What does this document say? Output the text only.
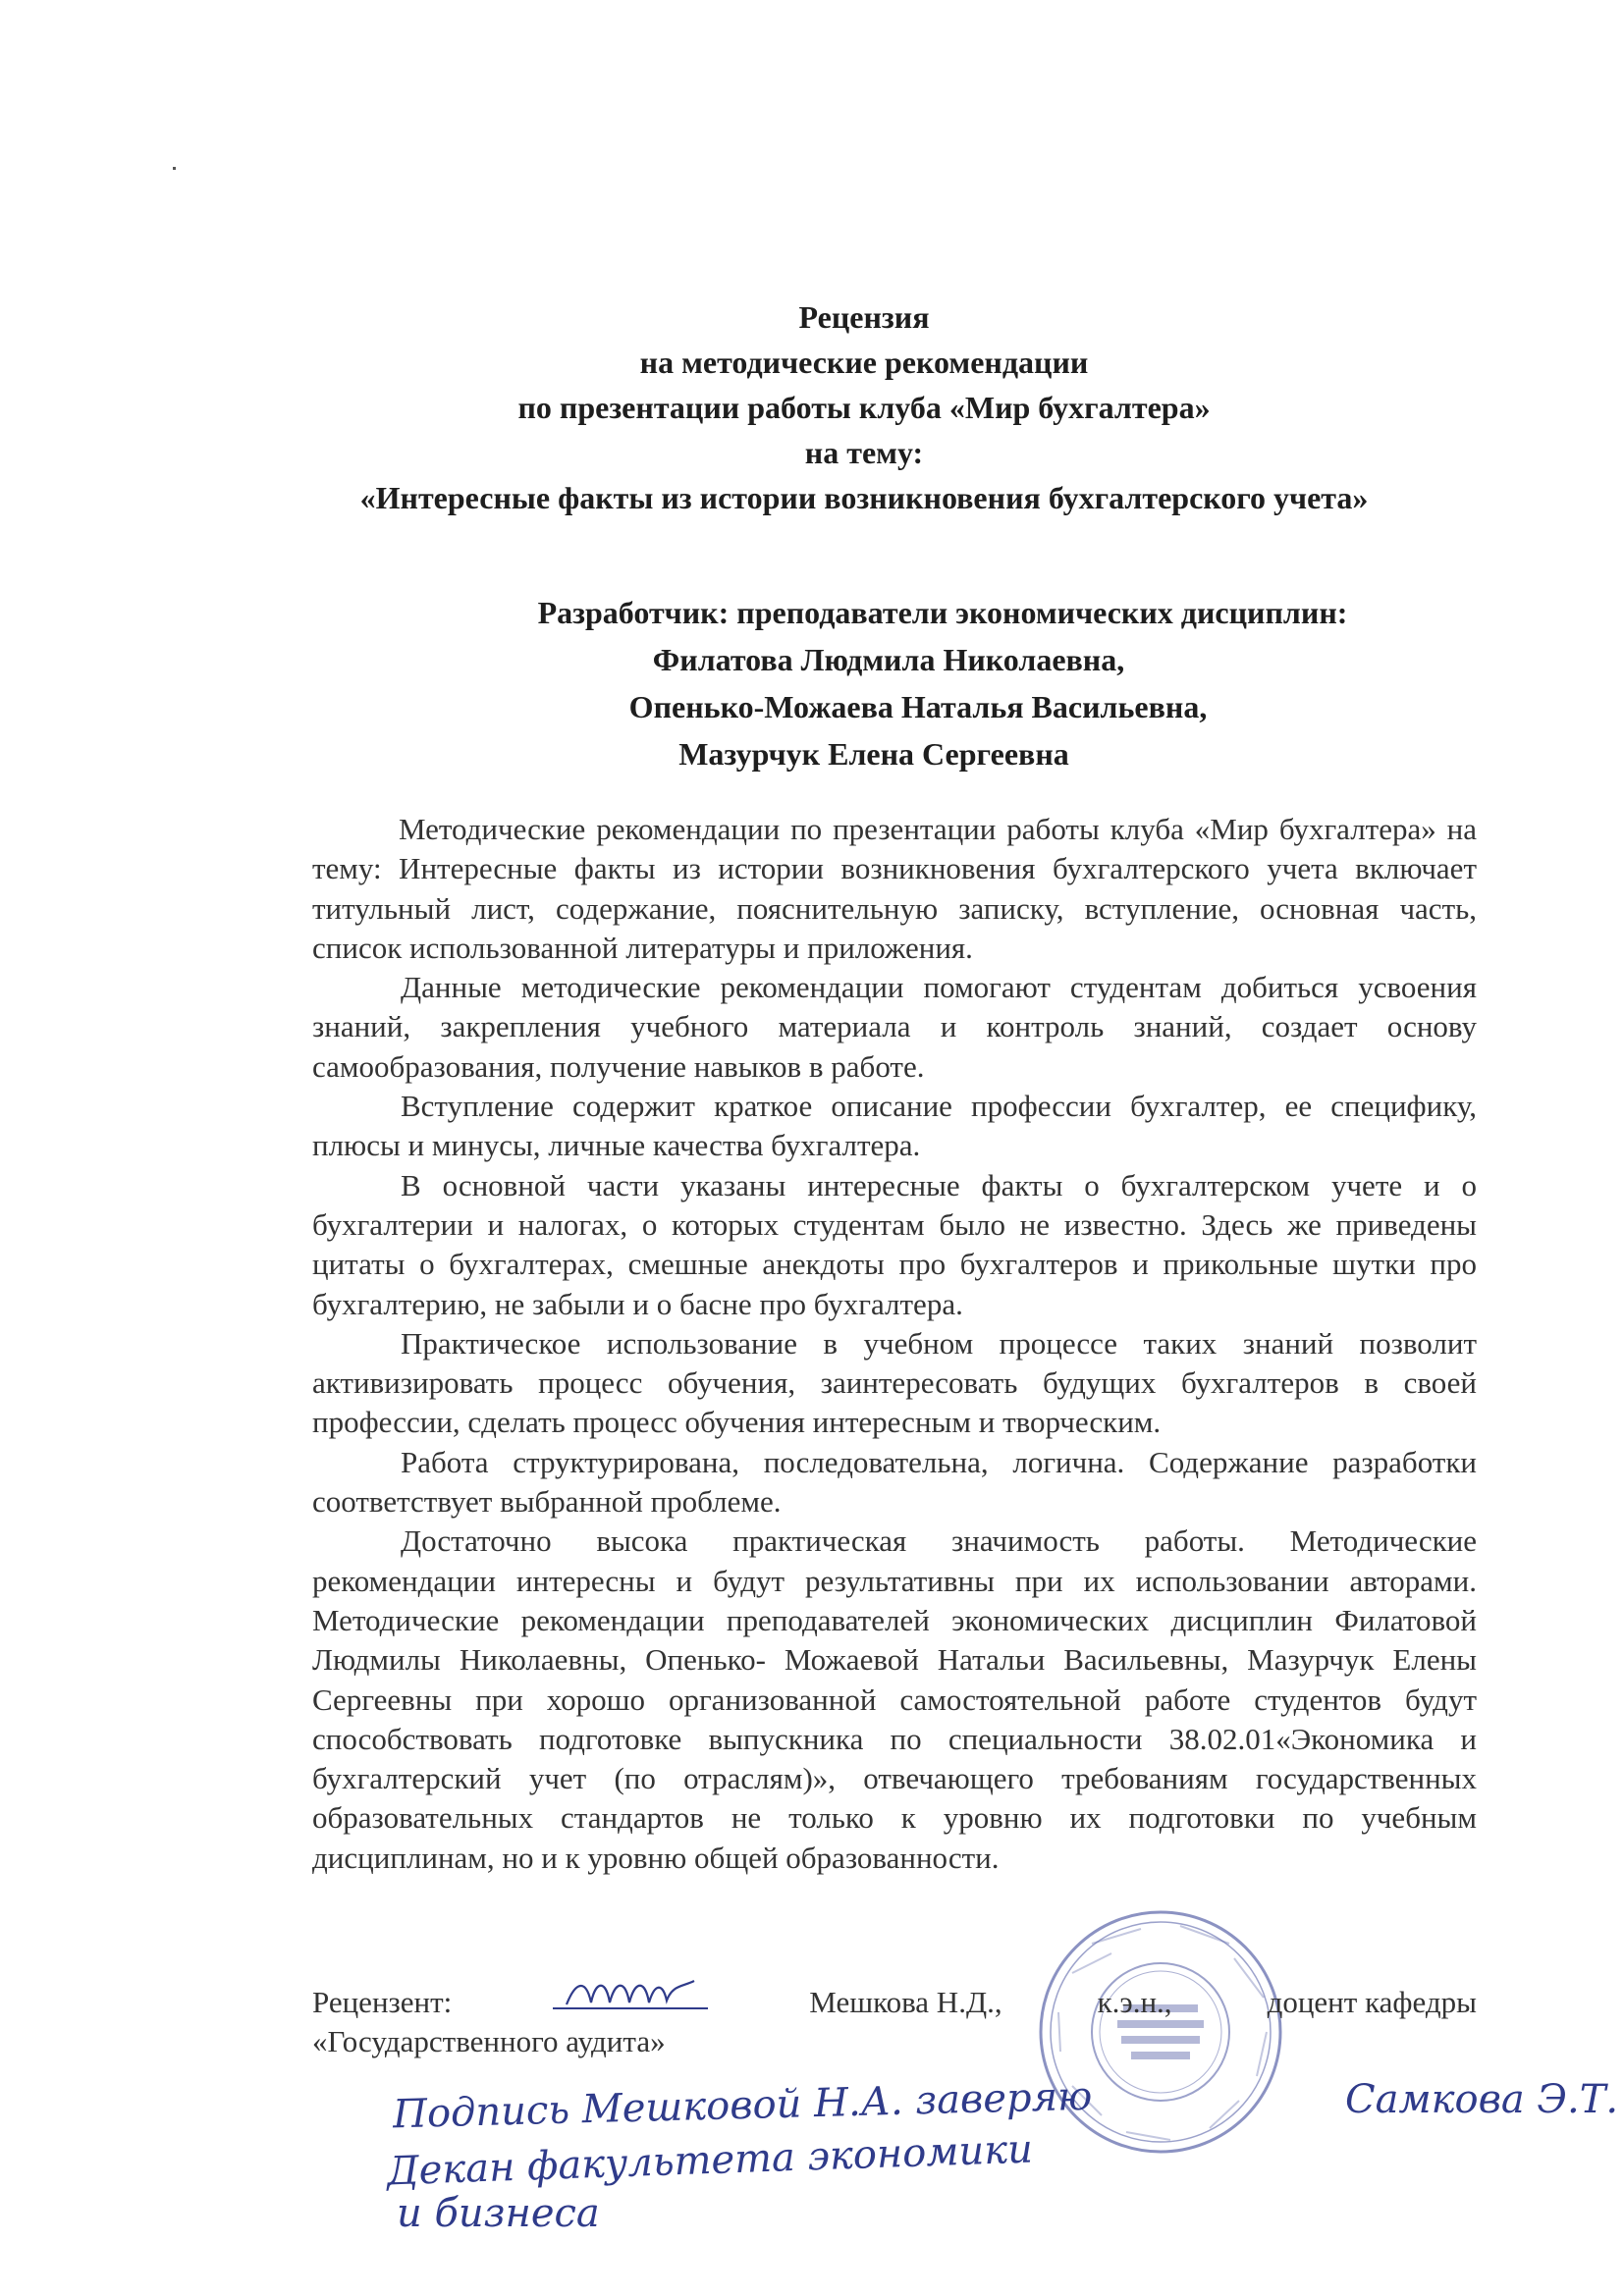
Рецензия
на методические рекомендации
по презентации работы клуба «Мир бухгалтера»
на тему:
«Интересные факты из истории возникновения бухгалтерского учета»
Разработчик: преподаватели экономических дисциплин:
Филатова Людмила Николаевна,
Опенько-Можаева Наталья Васильевна,
Мазурчук Елена Сергеевна

Методические рекомендации по презентации работы клуба «Мир бухгалтера» на тему: Интересные факты из истории возникновения бухгалтерского учета включает титульный лист, содержание, пояснительную записку, вступление, основная часть, список использованной литературы и приложения.

Данные методические рекомендации помогают студентам добиться усвоения знаний, закрепления учебного материала и контроль знаний, создает основу самообразования, получение навыков в работе.

Вступление содержит краткое описание профессии бухгалтер, ее специфику, плюсы и минусы, личные качества бухгалтера.

В основной части указаны интересные факты о бухгалтерском учете и о бухгалтерии и налогах, о которых студентам было не известно. Здесь же приведены цитаты о бухгалтерах, смешные анекдоты про бухгалтеров и прикольные шутки про бухгалтерию, не забыли и о басне про бухгалтера.

Практическое использование в учебном процессе таких знаний позволит активизировать процесс обучения, заинтересовать будущих бухгалтеров в своей профессии, сделать процесс обучения интересным и творческим.

Работа структурирована, последовательна, логична. Содержание разработки соответствует выбранной проблеме.

Достаточно высока практическая значимость работы. Методические рекомендации интересны и будут результативны при их использовании авторами. Методические рекомендации преподавателей экономических дисциплин Филатовой Людмилы Николаевны, Опенько- Можаевой Натальи Васильевны, Мазурчук Елены Сергеевны при хорошо организованной самостоятельной работе студентов будут способствовать подготовке выпускника по специальности 38.02.01«Экономика и бухгалтерский учет (по отраслям)», отвечающего требованиям государственных образовательных стандартов не только к уровню их подготовки по учебным дисциплинам, но и к уровню общей образованности.

Рецензент:	Мешкова Н.Д.,	к.э.н.,	доцент кафедры
«Государственного аудита»
Подпись Мешковой Н.А. заверяю	Самкова Э.Т.
Декан факультета экономики
и бизнеса
